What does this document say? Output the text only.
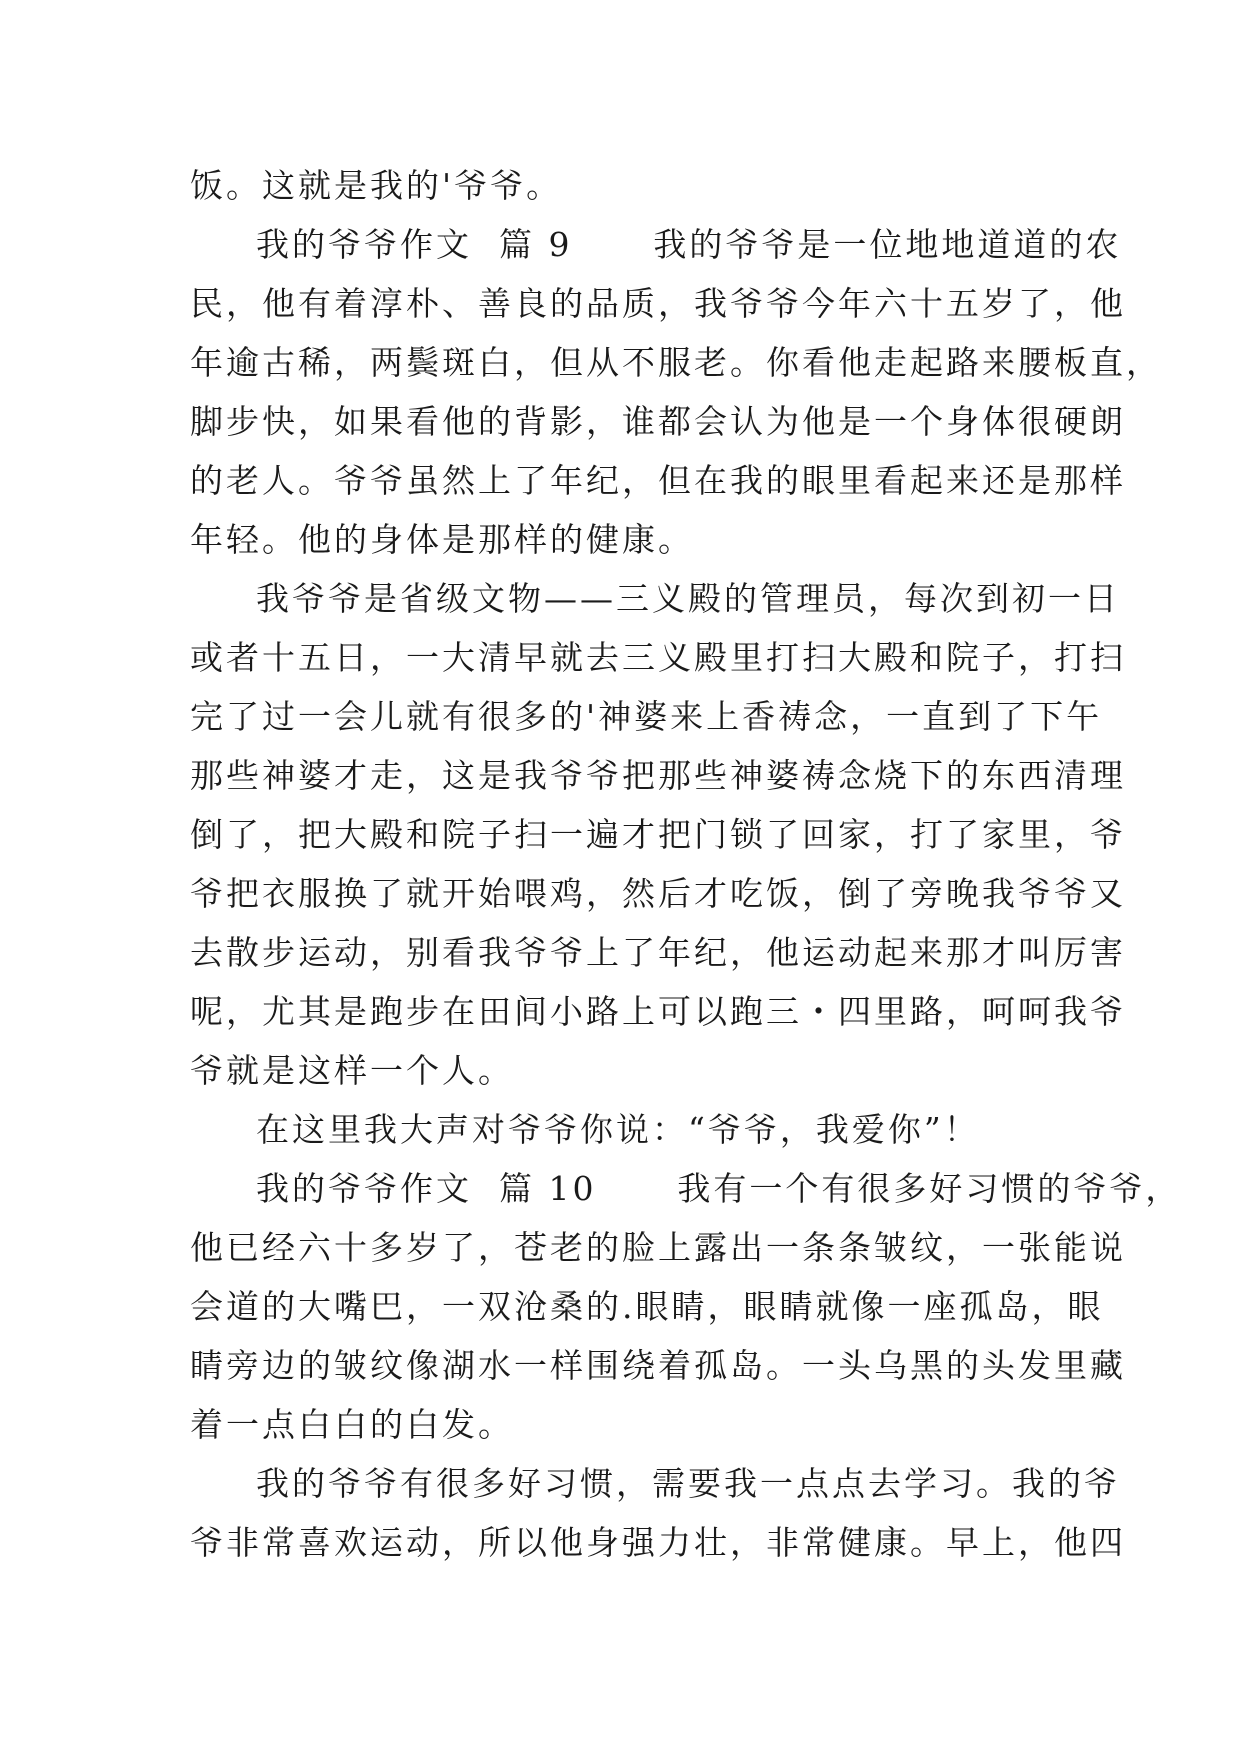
饭。这就是我的'爷爷。
我的爷爷作文  篇 9      我的爷爷是一位地地道道的农
民，他有着淳朴、善良的品质，我爷爷今年六十五岁了，他
年逾古稀，两鬓斑白，但从不服老。你看他走起路来腰板直，
脚步快，如果看他的背影，谁都会认为他是一个身体很硬朗
的老人。爷爷虽然上了年纪，但在我的眼里看起来还是那样
年轻。他的身体是那样的健康。
我爷爷是省级文物——三义殿的管理员，每次到初一日
或者十五日，一大清早就去三义殿里打扫大殿和院子，打扫
完了过一会儿就有很多的'神婆来上香祷念，一直到了下午
那些神婆才走，这是我爷爷把那些神婆祷念烧下的东西清理
倒了，把大殿和院子扫一遍才把门锁了回家，打了家里，爷
爷把衣服换了就开始喂鸡，然后才吃饭，倒了旁晚我爷爷又
去散步运动，别看我爷爷上了年纪，他运动起来那才叫厉害
呢，尤其是跑步在田间小路上可以跑三・四里路，呵呵我爷
爷就是这样一个人。
在这里我大声对爷爷你说：“爷爷，我爱你”！
我的爷爷作文  篇 10      我有一个有很多好习惯的爷爷，
他已经六十多岁了，苍老的脸上露出一条条皱纹，一张能说
会道的大嘴巴，一双沧桑的.眼睛，眼睛就像一座孤岛，眼
睛旁边的皱纹像湖水一样围绕着孤岛。一头乌黑的头发里藏
着一点白白的白发。
我的爷爷有很多好习惯，需要我一点点去学习。我的爷
爷非常喜欢运动，所以他身强力壮，非常健康。早上，他四
